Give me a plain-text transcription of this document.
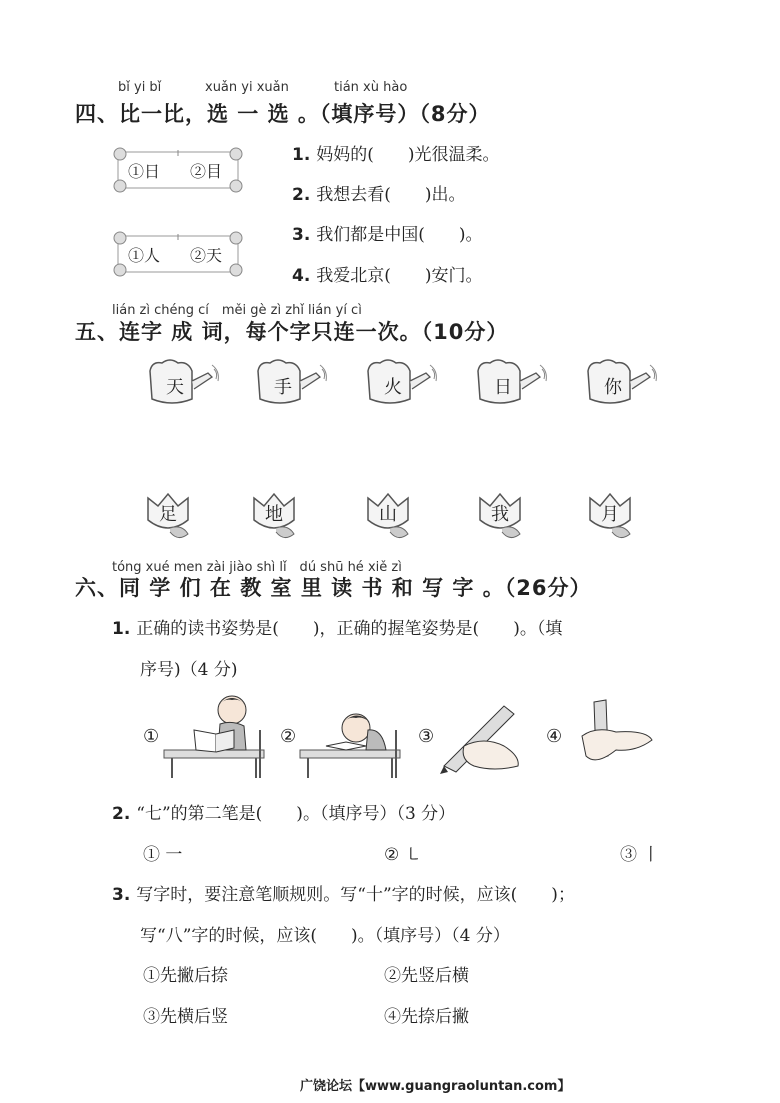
bǐ yi bǐ	xuǎn yi xuǎn	tián xù hào
四、比一比，选 一 选 。（填序号）（8分）
①日 ②目
①人 ②天
1. 妈妈的(　　)光很温柔。
2. 我想去看(　　)出。
3. 我们都是中国(　　)。
4. 我爱北京(　　)安门。
lián zì chéng cí　měi gè zì zhǐ lián yí cì
五、连字 成 词，每个字只连一次。（10分）
天	手	火	日	你
足	地	山	我	月
tóng xué men zài jiào shì lǐ　dú shū hé xiě zì
六、同 学 们 在 教 室 里 读 书 和 写 字 。（26分）
1. 正确的读书姿势是(　　)，正确的握笔姿势是(　　)。（填
序号)（4 分)
①	②	③	④
2. “七”的第二笔是(　　)。（填序号）（3 分）
① 一	② ㇄	③ 丨
3. 写字时，要注意笔顺规则。写“十”字的时候，应该(　　)；
写“八”字的时候，应该(　　)。（填序号）（4 分）
①先撇后捺	②先竖后横
③先横后竖	④先捺后撇
广饶论坛【www.guangraoluntan.com】
